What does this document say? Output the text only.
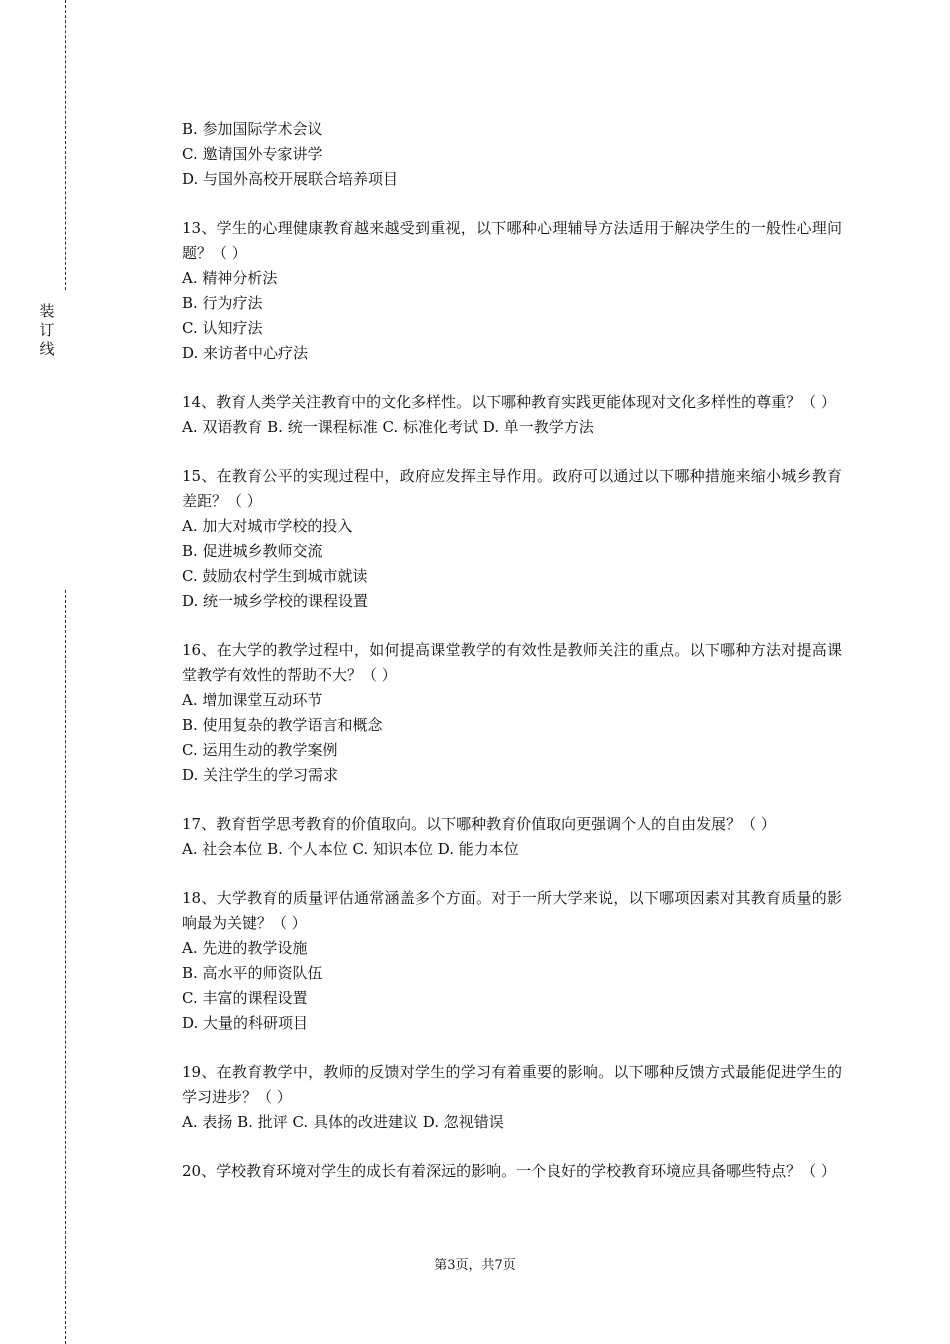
装订线
B. 参加国际学术会议
C. 邀请国外专家讲学
D. 与国外高校开展联合培养项目
13、学生的心理健康教育越来越受到重视，以下哪种心理辅导方法适用于解决学生的一般性心理问题？（ ）
A. 精神分析法
B. 行为疗法
C. 认知疗法
D. 来访者中心疗法
14、教育人类学关注教育中的文化多样性。以下哪种教育实践更能体现对文化多样性的尊重？（ ）
A. 双语教育 B. 统一课程标准 C. 标准化考试 D. 单一教学方法
15、在教育公平的实现过程中，政府应发挥主导作用。政府可以通过以下哪种措施来缩小城乡教育差距？（ ）
A. 加大对城市学校的投入
B. 促进城乡教师交流
C. 鼓励农村学生到城市就读
D. 统一城乡学校的课程设置
16、在大学的教学过程中，如何提高课堂教学的有效性是教师关注的重点。以下哪种方法对提高课堂教学有效性的帮助不大？（ ）
A. 增加课堂互动环节
B. 使用复杂的教学语言和概念
C. 运用生动的教学案例
D. 关注学生的学习需求
17、教育哲学思考教育的价值取向。以下哪种教育价值取向更强调个人的自由发展？（ ）
A. 社会本位 B. 个人本位 C. 知识本位 D. 能力本位
18、大学教育的质量评估通常涵盖多个方面。对于一所大学来说，以下哪项因素对其教育质量的影响最为关键？（ ）
A. 先进的教学设施
B. 高水平的师资队伍
C. 丰富的课程设置
D. 大量的科研项目
19、在教育教学中，教师的反馈对学生的学习有着重要的影响。以下哪种反馈方式最能促进学生的学习进步？（ ）
A. 表扬 B. 批评 C. 具体的改进建议 D. 忽视错误
20、学校教育环境对学生的成长有着深远的影响。一个良好的学校教育环境应具备哪些特点？（ ）
第3页，共7页
